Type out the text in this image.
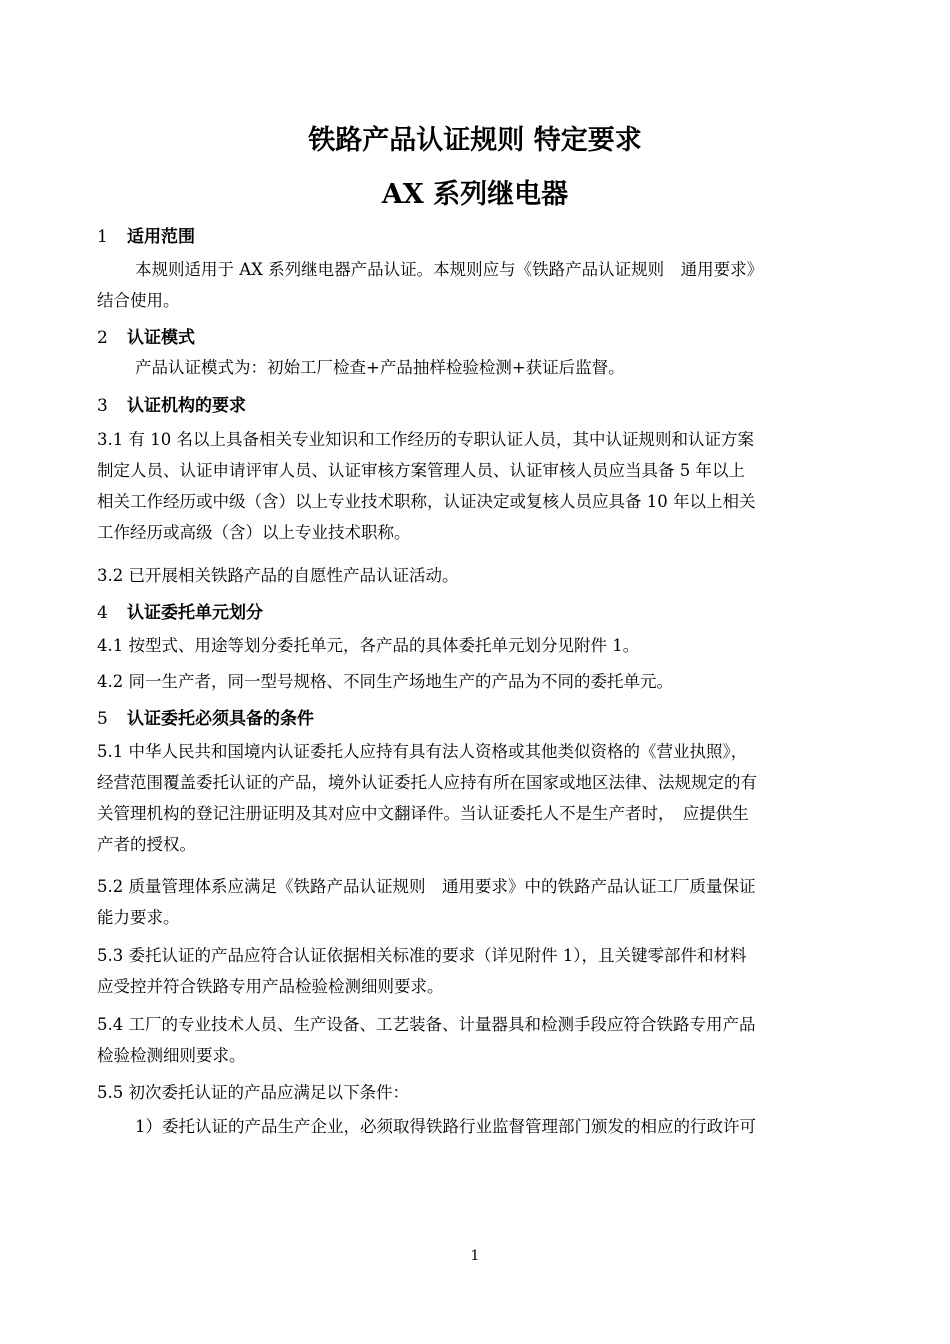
铁路产品认证规则 特定要求
AX 系列继电器
1 适用范围
本规则适用于 AX 系列继电器产品认证。本规则应与《铁路产品认证规则　通用要求》
结合使用。
2 认证模式
产品认证模式为：初始工厂检查+产品抽样检验检测+获证后监督。
3 认证机构的要求
3.1 有 10 名以上具备相关专业知识和工作经历的专职认证人员，其中认证规则和认证方案
制定人员、认证申请评审人员、认证审核方案管理人员、认证审核人员应当具备 5 年以上
相关工作经历或中级（含）以上专业技术职称，认证决定或复核人员应具备 10 年以上相关
工作经历或高级（含）以上专业技术职称。
3.2 已开展相关铁路产品的自愿性产品认证活动。
4 认证委托单元划分
4.1 按型式、用途等划分委托单元，各产品的具体委托单元划分见附件 1。
4.2 同一生产者，同一型号规格、不同生产场地生产的产品为不同的委托单元。
5 认证委托必须具备的条件
5.1 中华人民共和国境内认证委托人应持有具有法人资格或其他类似资格的《营业执照》，
经营范围覆盖委托认证的产品，境外认证委托人应持有所在国家或地区法律、法规规定的有
关管理机构的登记注册证明及其对应中文翻译件。当认证委托人不是生产者时，　应提供生
产者的授权。
5.2 质量管理体系应满足《铁路产品认证规则　通用要求》中的铁路产品认证工厂质量保证
能力要求。
5.3 委托认证的产品应符合认证依据相关标准的要求（详见附件 1），且关键零部件和材料
应受控并符合铁路专用产品检验检测细则要求。
5.4 工厂的专业技术人员、生产设备、工艺装备、计量器具和检测手段应符合铁路专用产品
检验检测细则要求。
5.5 初次委托认证的产品应满足以下条件：
1）委托认证的产品生产企业，必须取得铁路行业监督管理部门颁发的相应的行政许可
1
